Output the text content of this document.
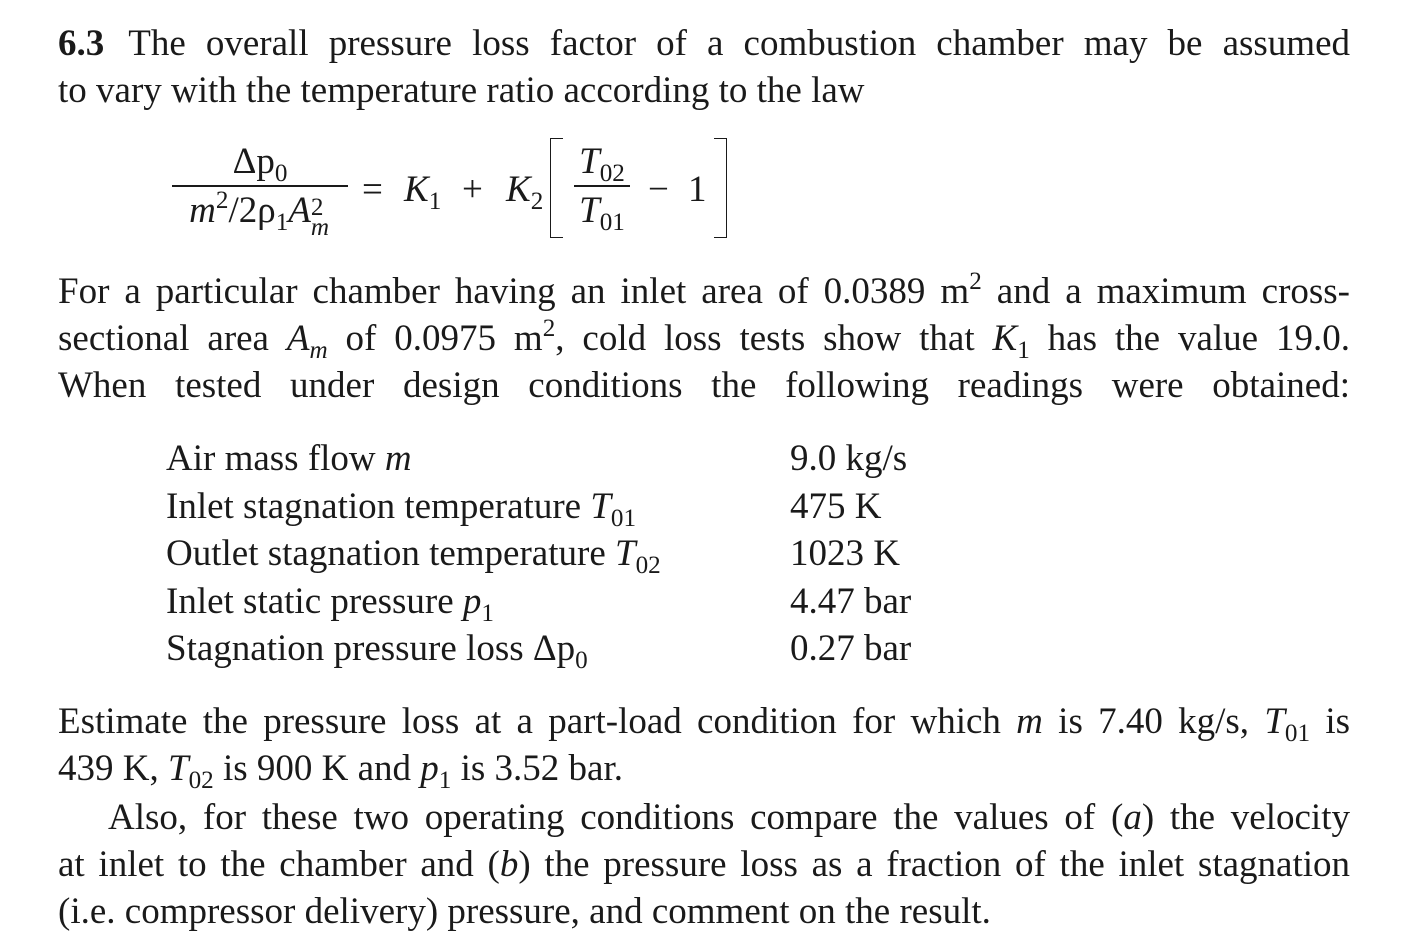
6.3 The overall pressure loss factor of a combustion chamber may be assumed
to vary with the temperature ratio according to the law
$\Delta p_0$
$m^2/2\rho_1A$ 2
m
= $K_1 + K_2$
$T_{02}$
$T_{01}$
− 1
For a particular chamber having an inlet area of 0.0389 $m^2$ and a maximum cross-
sectional area $A_m$ of 0.0975 $m^2$, cold loss tests show that $K_1$ has the value 19.0.
When tested under design conditions the following readings were obtained:
Air mass flow m	9.0 kg/s
Inlet stagnation temperature $T_{01}$	475 K
Outlet stagnation temperature $T_{02}$	1023 K
Inlet static pressure $p_1$	4.47 bar
Stagnation pressure loss $\Delta p_0$	0.27 bar
Estimate the pressure loss at a part-load condition for which m is 7.40 kg/s, $T_{01}$ is
439 K, $T_{02}$ is 900 K and $p_1$ is 3.52 bar.
Also, for these two operating conditions compare the values of (a) the velocity
at inlet to the chamber and (b) the pressure loss as a fraction of the inlet stagnation
(i.e. compressor delivery) pressure, and comment on the result.
